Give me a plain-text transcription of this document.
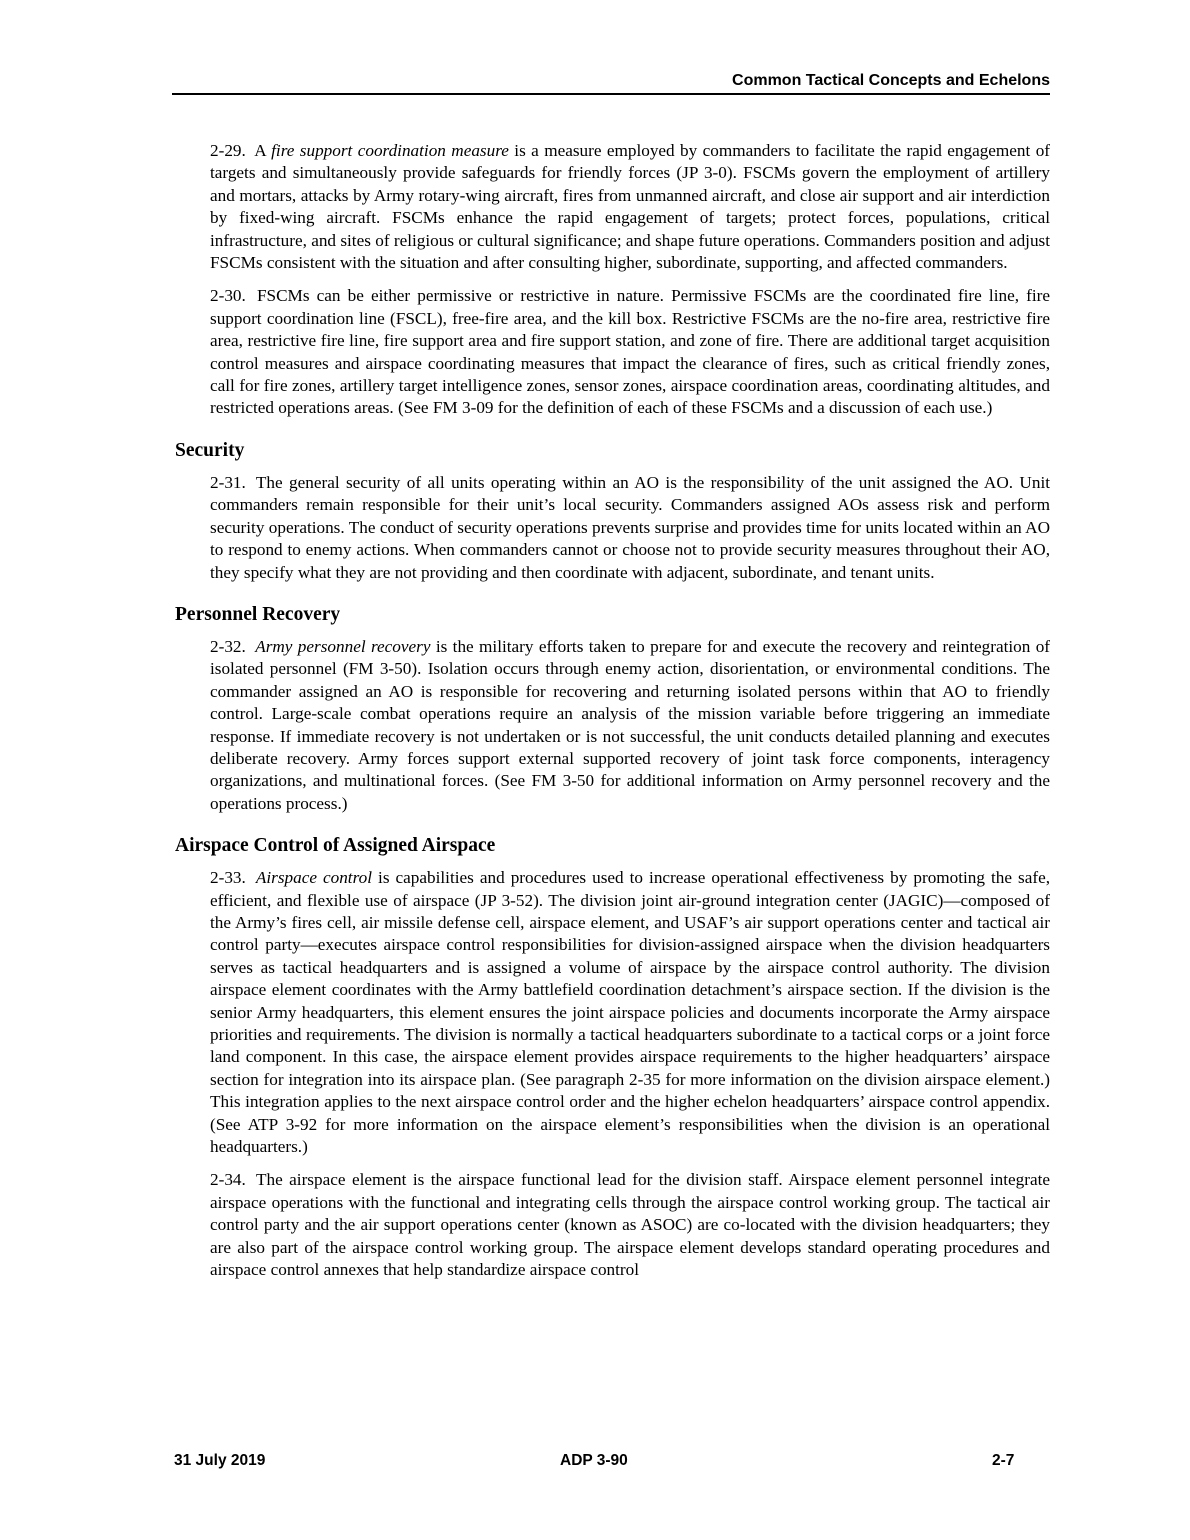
Common Tactical Concepts and Echelons

2-29. A fire support coordination measure is a measure employed by commanders to facilitate the rapid engagement of targets and simultaneously provide safeguards for friendly forces (JP 3-0). FSCMs govern the employment of artillery and mortars, attacks by Army rotary-wing aircraft, fires from unmanned aircraft, and close air support and air interdiction by fixed-wing aircraft. FSCMs enhance the rapid engagement of targets; protect forces, populations, critical infrastructure, and sites of religious or cultural significance; and shape future operations. Commanders position and adjust FSCMs consistent with the situation and after consulting higher, subordinate, supporting, and affected commanders.

2-30. FSCMs can be either permissive or restrictive in nature. Permissive FSCMs are the coordinated fire line, fire support coordination line (FSCL), free-fire area, and the kill box. Restrictive FSCMs are the no-fire area, restrictive fire area, restrictive fire line, fire support area and fire support station, and zone of fire. There are additional target acquisition control measures and airspace coordinating measures that impact the clearance of fires, such as critical friendly zones, call for fire zones, artillery target intelligence zones, sensor zones, airspace coordination areas, coordinating altitudes, and restricted operations areas. (See FM 3-09 for the definition of each of these FSCMs and a discussion of each use.)

Security

2-31. The general security of all units operating within an AO is the responsibility of the unit assigned the AO. Unit commanders remain responsible for their unit’s local security. Commanders assigned AOs assess risk and perform security operations. The conduct of security operations prevents surprise and provides time for units located within an AO to respond to enemy actions. When commanders cannot or choose not to provide security measures throughout their AO, they specify what they are not providing and then coordinate with adjacent, subordinate, and tenant units.

Personnel Recovery

2-32. Army personnel recovery is the military efforts taken to prepare for and execute the recovery and reintegration of isolated personnel (FM 3-50). Isolation occurs through enemy action, disorientation, or environmental conditions. The commander assigned an AO is responsible for recovering and returning isolated persons within that AO to friendly control. Large-scale combat operations require an analysis of the mission variable before triggering an immediate response. If immediate recovery is not undertaken or is not successful, the unit conducts detailed planning and executes deliberate recovery. Army forces support external supported recovery of joint task force components, interagency organizations, and multinational forces. (See FM 3-50 for additional information on Army personnel recovery and the operations process.)

Airspace Control of Assigned Airspace

2-33. Airspace control is capabilities and procedures used to increase operational effectiveness by promoting the safe, efficient, and flexible use of airspace (JP 3-52). The division joint air-ground integration center (JAGIC)—composed of the Army’s fires cell, air missile defense cell, airspace element, and USAF’s air support operations center and tactical air control party—executes airspace control responsibilities for division-assigned airspace when the division headquarters serves as tactical headquarters and is assigned a volume of airspace by the airspace control authority. The division airspace element coordinates with the Army battlefield coordination detachment’s airspace section. If the division is the senior Army headquarters, this element ensures the joint airspace policies and documents incorporate the Army airspace priorities and requirements. The division is normally a tactical headquarters subordinate to a tactical corps or a joint force land component. In this case, the airspace element provides airspace requirements to the higher headquarters’ airspace section for integration into its airspace plan. (See paragraph 2-35 for more information on the division airspace element.) This integration applies to the next airspace control order and the higher echelon headquarters’ airspace control appendix. (See ATP 3-92 for more information on the airspace element’s responsibilities when the division is an operational headquarters.)

2-34. The airspace element is the airspace functional lead for the division staff. Airspace element personnel integrate airspace operations with the functional and integrating cells through the airspace control working group. The tactical air control party and the air support operations center (known as ASOC) are co-located with the division headquarters; they are also part of the airspace control working group. The airspace element develops standard operating procedures and airspace control annexes that help standardize airspace control

31 July 2019	ADP 3-90	2-7
